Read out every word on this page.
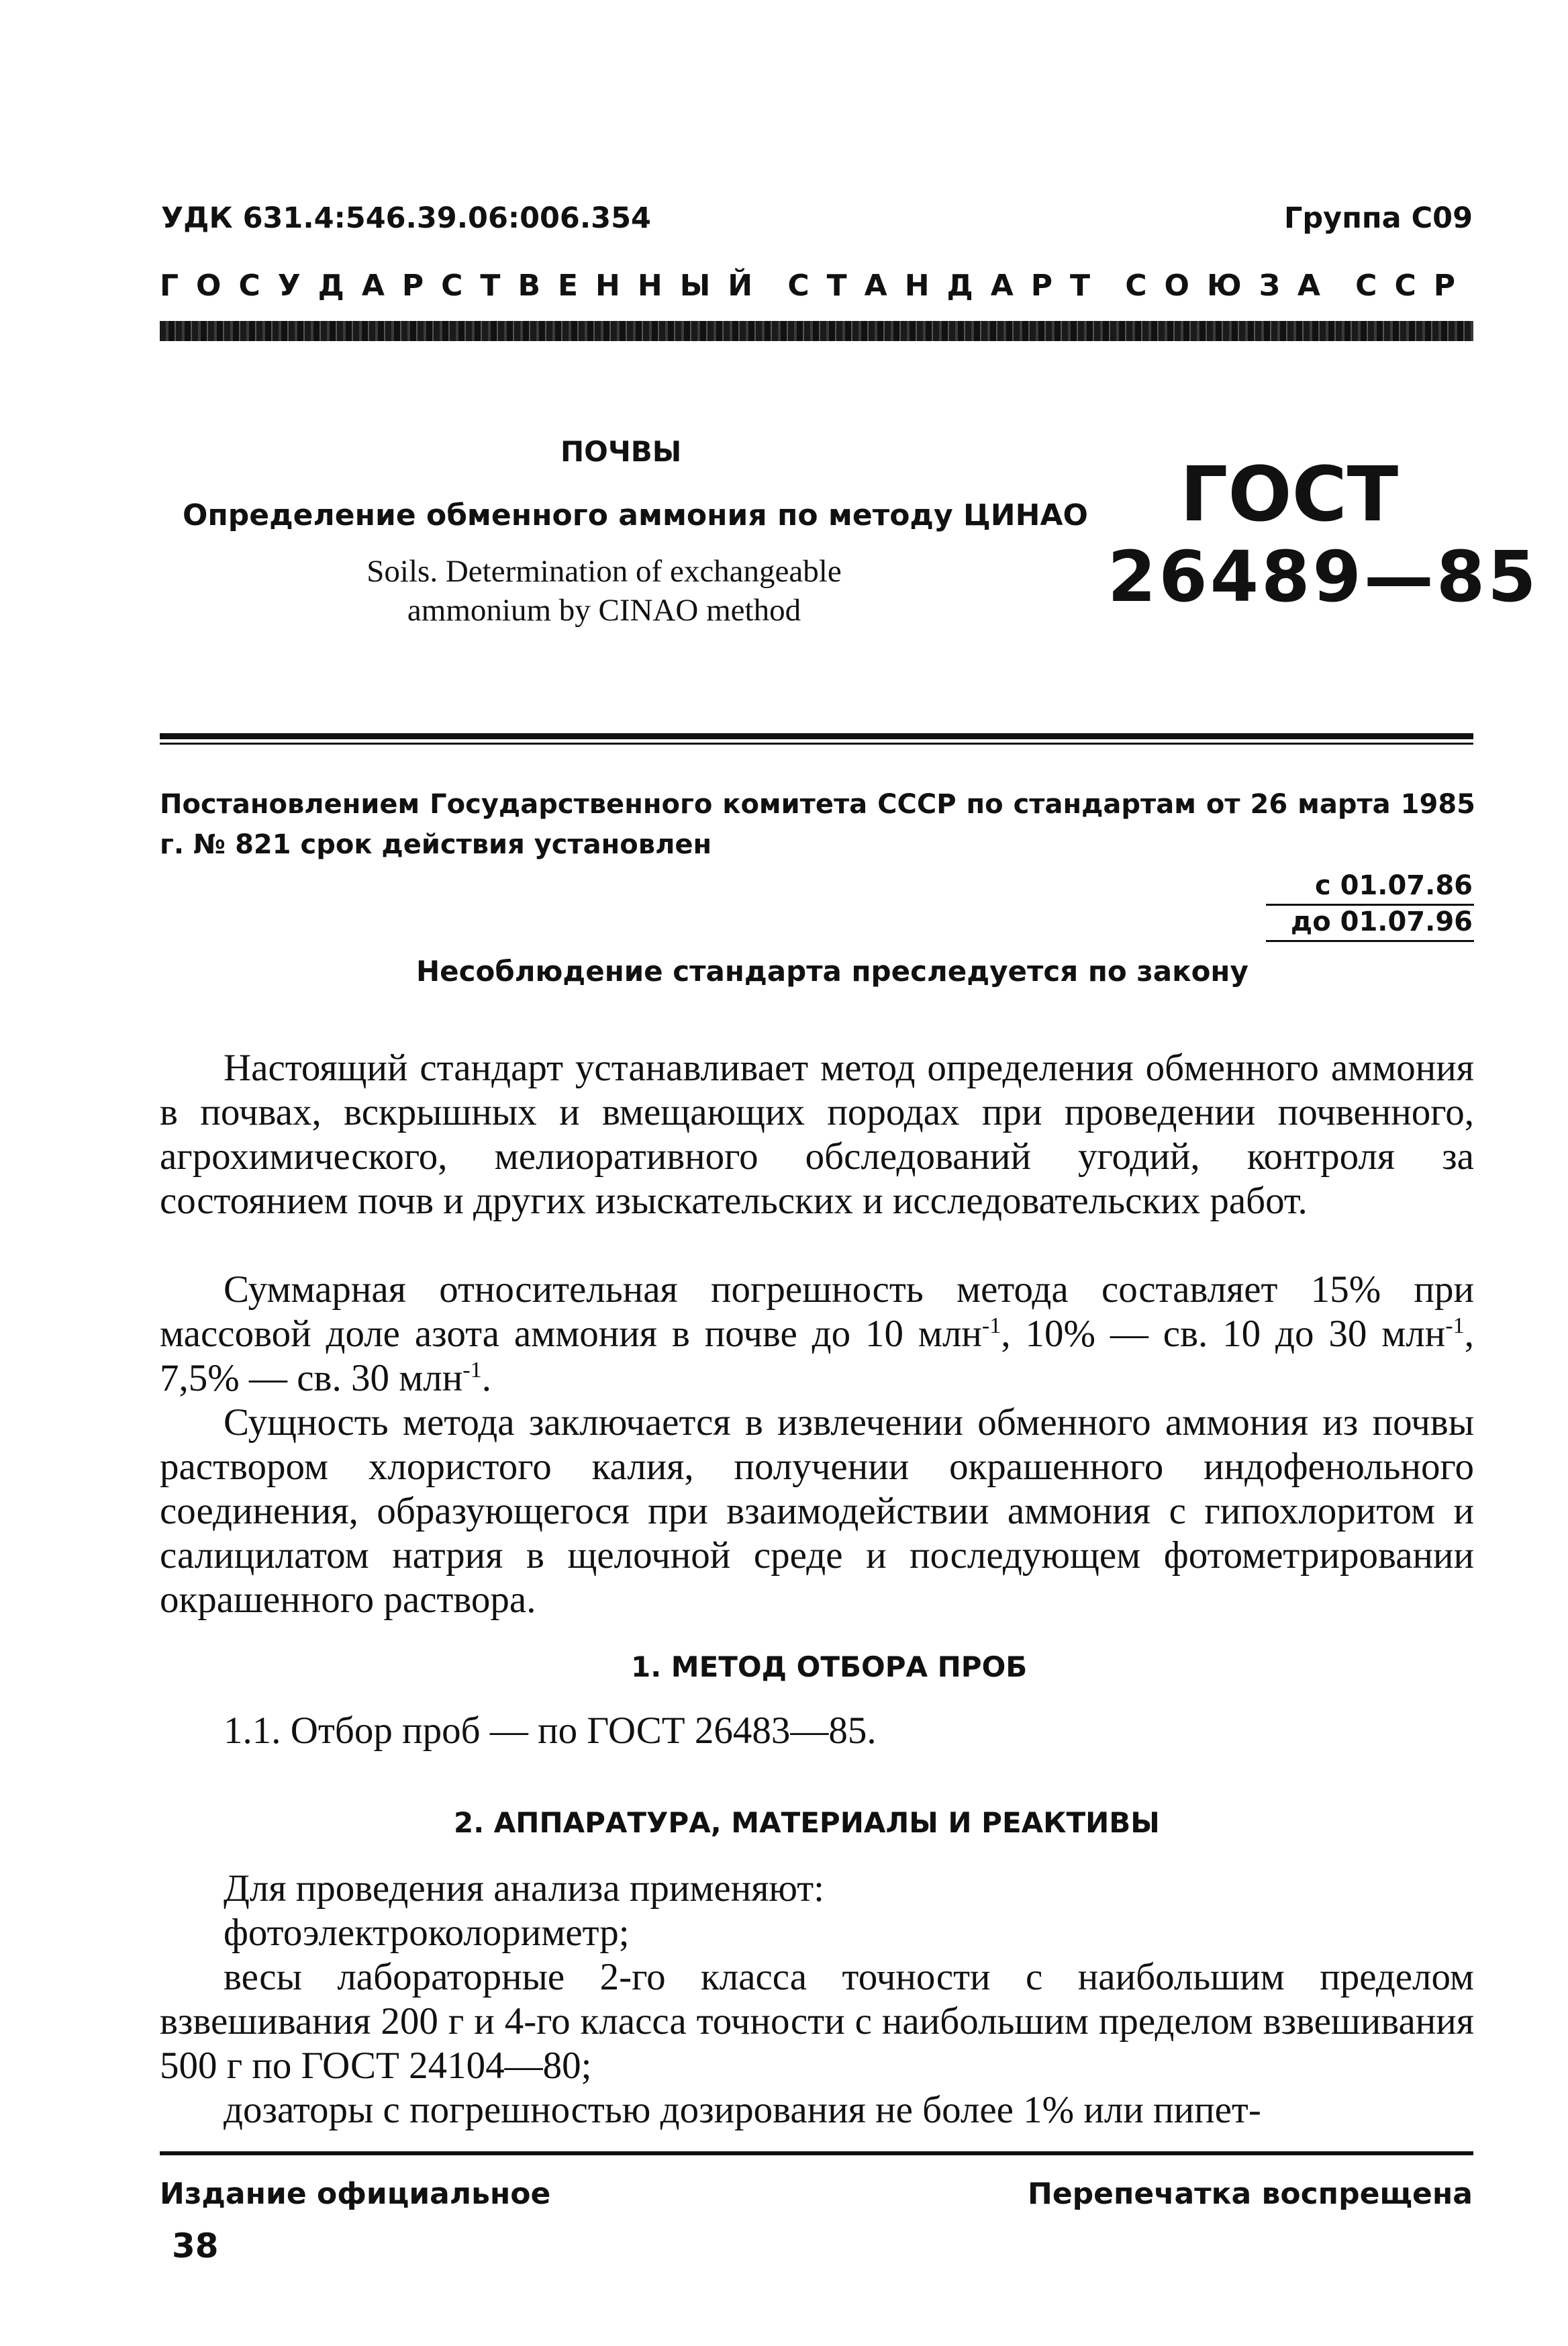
УДК 631.4:546.39.06:006.354	Группа С09
ГОСУДАРСТВЕННЫЙ СТАНДАРТ СОЮЗА ССР
ПОЧВЫ
Определение обменного аммония по методу ЦИНАО
Soils. Determination of exchangeable
ammonium by CINAO method
ГОСТ
26489—85
Постановлением Государственного комитета СССР по стандартам от 26 марта 1985 г. № 821 срок действия установлен
с 01.07.86
до 01.07.96
Несоблюдение стандарта преследуется по закону

Настоящий стандарт устанавливает метод определения обменного аммония в почвах, вскрышных и вмещающих породах при проведении почвенного, агрохимического, мелиоративного обследований угодий, контроля за состоянием почв и других изыскательских и исследовательских работ.

Суммарная относительная погрешность метода составляет 15% при массовой доле азота аммония в почве до 10 млн$^{-1}$, 10% — св. 10 до 30 млн$^{-1}$, 7,5% — св. 30 млн$^{-1}$.

Сущность метода заключается в извлечении обменного аммония из почвы раствором хлористого калия, получении окрашенного индофенольного соединения, образующегося при взаимодействии аммония с гипохлоритом и салицилатом натрия в щелочной среде и последующем фотометрировании окрашенного раствора.

1. МЕТОД ОТБОРА ПРОБ
1.1. Отбор проб — по ГОСТ 26483—85.
2. АППАРАТУРА, МАТЕРИАЛЫ И РЕАКТИВЫ

Для проведения анализа применяют:

фотоэлектроколориметр;

весы лабораторные 2-го класса точности с наибольшим пределом взвешивания 200 г и 4-го класса точности с наибольшим пределом взвешивания 500 г по ГОСТ 24104—80;

дозаторы с погрешностью дозирования не более 1% или пипет-

Издание официальное	Перепечатка воспрещена
38
